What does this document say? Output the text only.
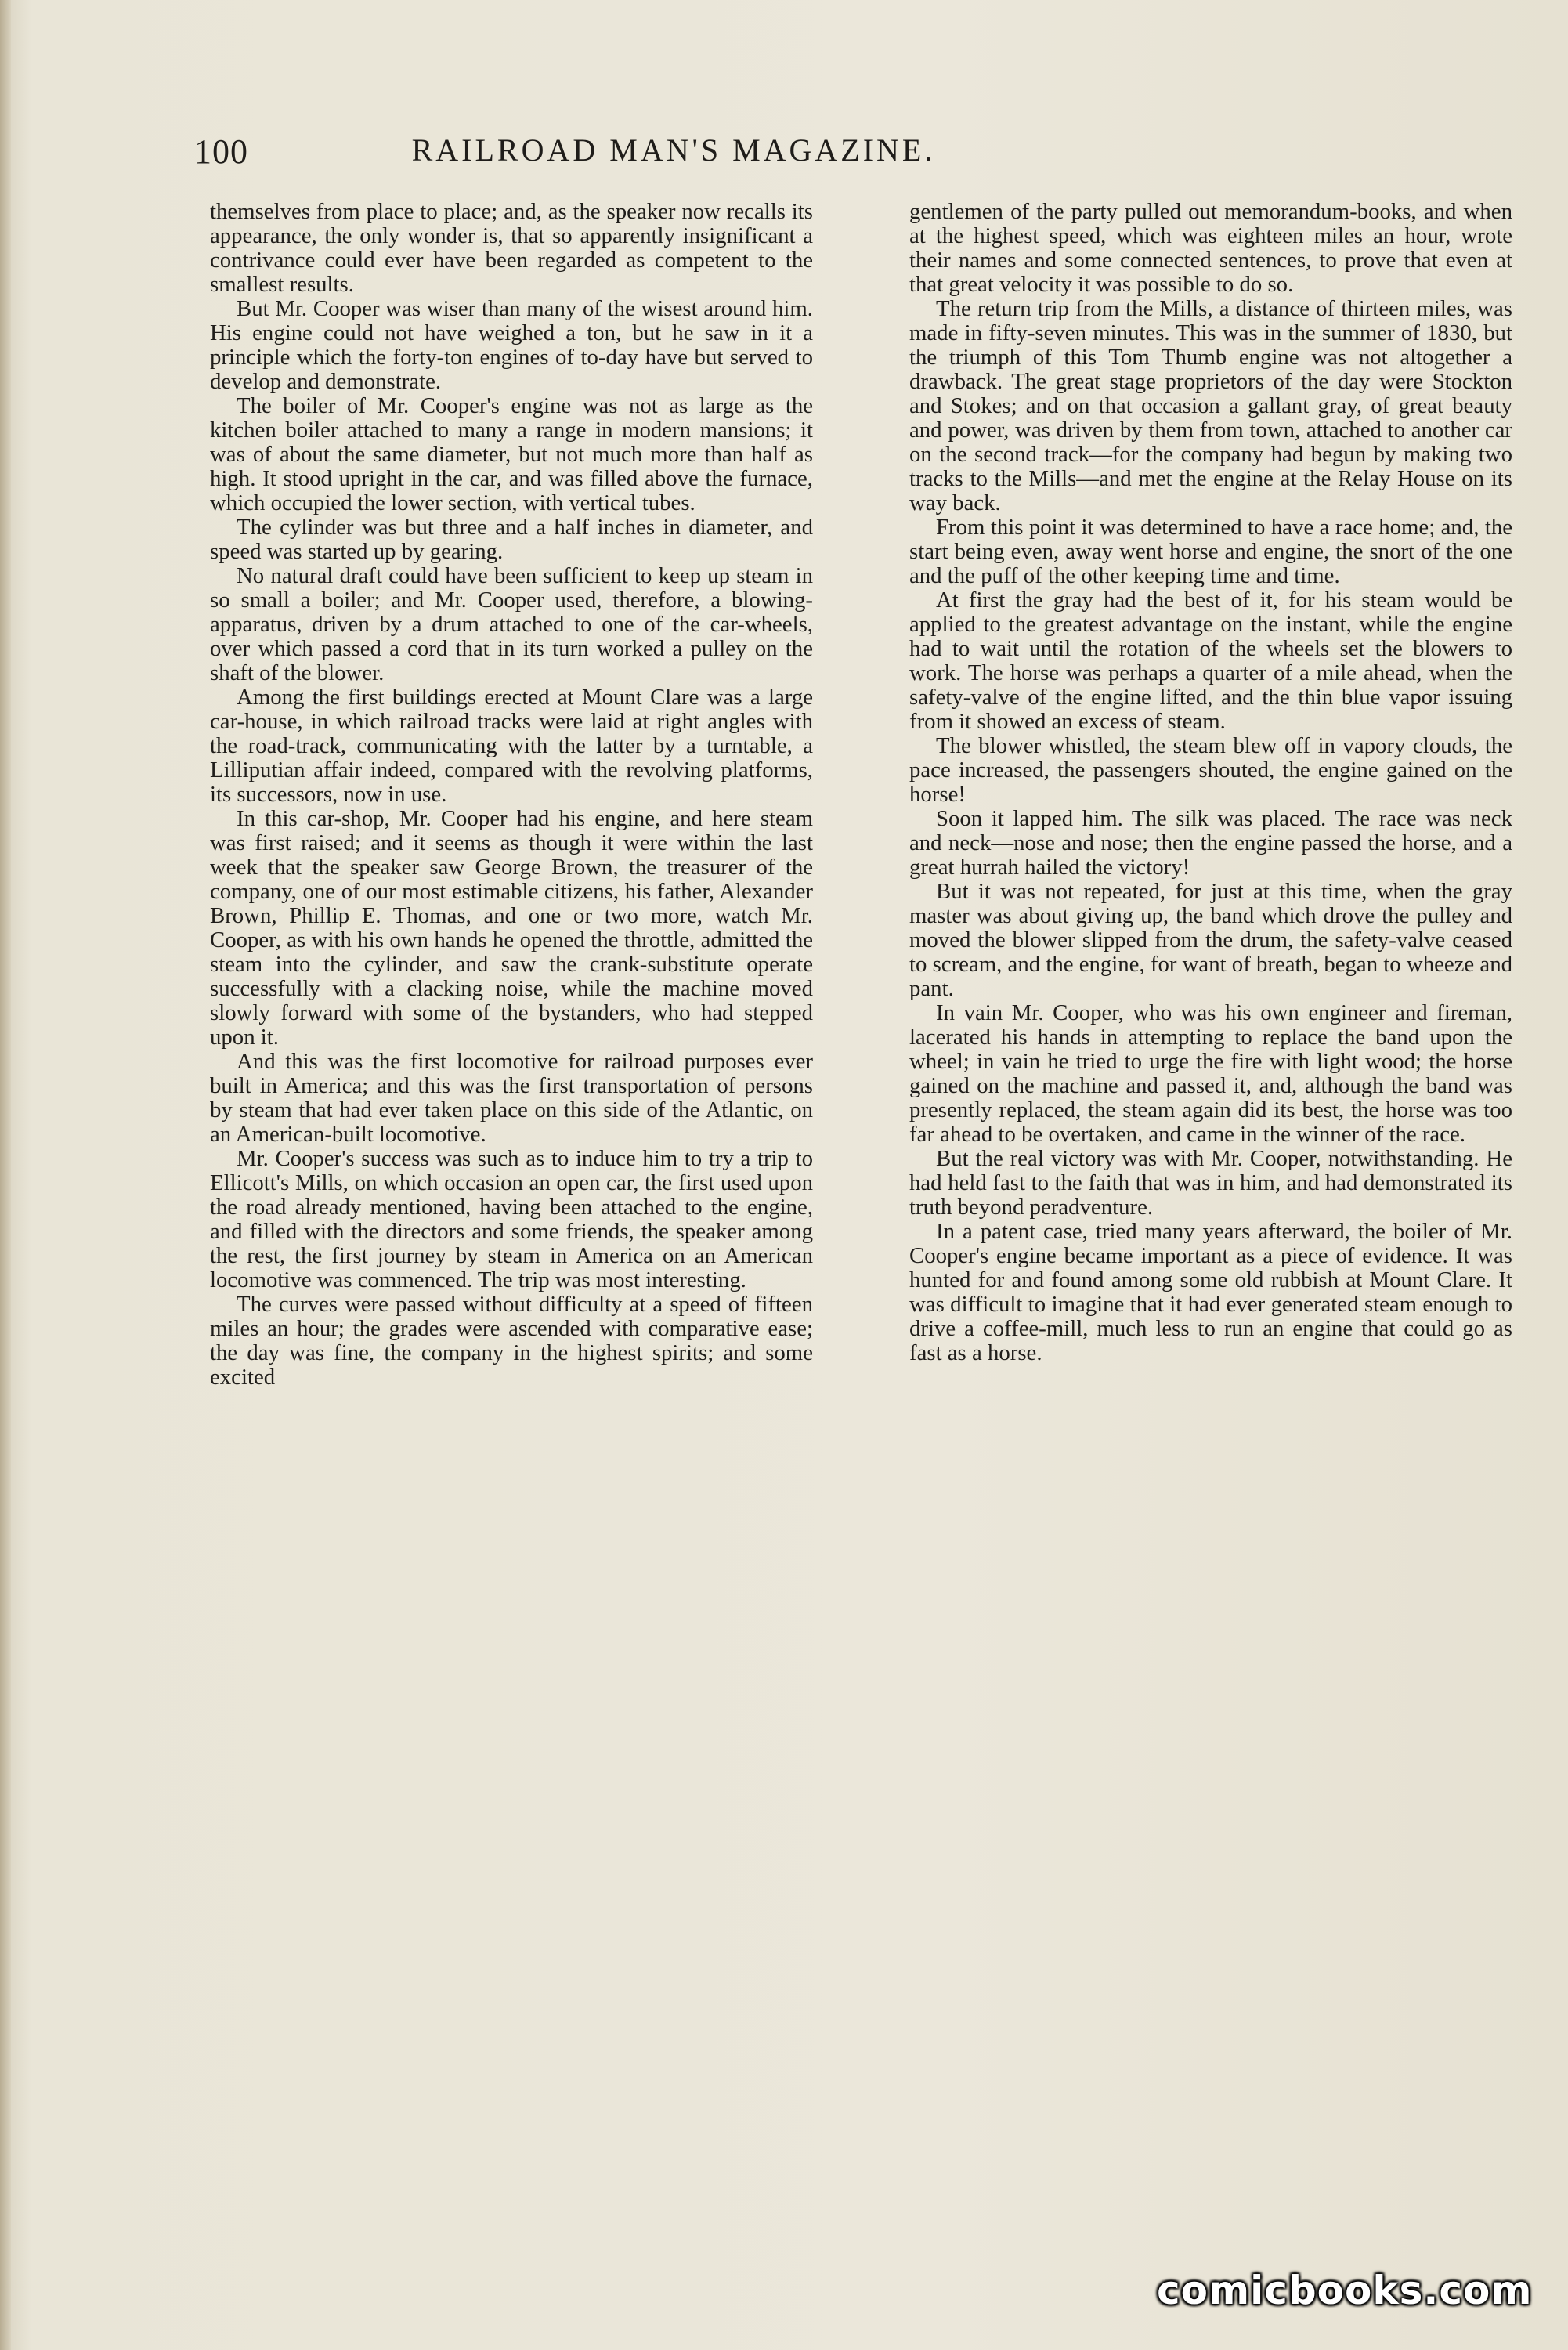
100	RAILROAD MAN'S MAGAZINE.

themselves from place to place; and, as the speaker now recalls its appearance, the only wonder is, that so apparently insignificant a contrivance could ever have been regarded as competent to the smallest results.

But Mr. Cooper was wiser than many of the wisest around him. His engine could not have weighed a ton, but he saw in it a principle which the forty-ton engines of to-day have but served to develop and demonstrate.

The boiler of Mr. Cooper's engine was not as large as the kitchen boiler attached to many a range in modern mansions; it was of about the same diameter, but not much more than half as high. It stood upright in the car, and was filled above the furnace, which occupied the lower section, with vertical tubes.

The cylinder was but three and a half inches in diameter, and speed was started up by gearing.

No natural draft could have been sufficient to keep up steam in so small a boiler; and Mr. Cooper used, therefore, a blowing-apparatus, driven by a drum attached to one of the car-wheels, over which passed a cord that in its turn worked a pulley on the shaft of the blower.

Among the first buildings erected at Mount Clare was a large car-house, in which railroad tracks were laid at right angles with the road-track, communicating with the latter by a turntable, a Lilliputian affair indeed, compared with the revolving platforms, its successors, now in use.

In this car-shop, Mr. Cooper had his engine, and here steam was first raised; and it seems as though it were within the last week that the speaker saw George Brown, the treasurer of the company, one of our most estimable citizens, his father, Alexander Brown, Phillip E. Thomas, and one or two more, watch Mr. Cooper, as with his own hands he opened the throttle, admitted the steam into the cylinder, and saw the crank-substitute operate successfully with a clacking noise, while the machine moved slowly forward with some of the bystanders, who had stepped upon it.

And this was the first locomotive for railroad purposes ever built in America; and this was the first transportation of persons by steam that had ever taken place on this side of the Atlantic, on an American-built locomotive.

Mr. Cooper's success was such as to induce him to try a trip to Ellicott's Mills, on which occasion an open car, the first used upon the road already mentioned, having been attached to the engine, and filled with the directors and some friends, the speaker among the rest, the first journey by steam in America on an American locomotive was commenced. The trip was most interesting.

The curves were passed without difficulty at a speed of fifteen miles an hour; the grades were ascended with comparative ease; the day was fine, the company in the highest spirits; and some excited

gentlemen of the party pulled out memorandum-books, and when at the highest speed, which was eighteen miles an hour, wrote their names and some connected sentences, to prove that even at that great velocity it was possible to do so.

The return trip from the Mills, a distance of thirteen miles, was made in fifty-seven minutes. This was in the summer of 1830, but the triumph of this Tom Thumb engine was not altogether a drawback. The great stage proprietors of the day were Stockton and Stokes; and on that occasion a gallant gray, of great beauty and power, was driven by them from town, attached to another car on the second track—for the company had begun by making two tracks to the Mills—and met the engine at the Relay House on its way back.

From this point it was determined to have a race home; and, the start being even, away went horse and engine, the snort of the one and the puff of the other keeping time and time.

At first the gray had the best of it, for his steam would be applied to the greatest advantage on the instant, while the engine had to wait until the rotation of the wheels set the blowers to work. The horse was perhaps a quarter of a mile ahead, when the safety-valve of the engine lifted, and the thin blue vapor issuing from it showed an excess of steam.

The blower whistled, the steam blew off in vapory clouds, the pace increased, the passengers shouted, the engine gained on the horse!

Soon it lapped him. The silk was placed. The race was neck and neck—nose and nose; then the engine passed the horse, and a great hurrah hailed the victory!

But it was not repeated, for just at this time, when the gray master was about giving up, the band which drove the pulley and moved the blower slipped from the drum, the safety-valve ceased to scream, and the engine, for want of breath, began to wheeze and pant.

In vain Mr. Cooper, who was his own engineer and fireman, lacerated his hands in attempting to replace the band upon the wheel; in vain he tried to urge the fire with light wood; the horse gained on the machine and passed it, and, although the band was presently replaced, the steam again did its best, the horse was too far ahead to be overtaken, and came in the winner of the race.

But the real victory was with Mr. Cooper, notwithstanding. He had held fast to the faith that was in him, and had demonstrated its truth beyond peradventure.

In a patent case, tried many years afterward, the boiler of Mr. Cooper's engine became important as a piece of evidence. It was hunted for and found among some old rubbish at Mount Clare. It was difficult to imagine that it had ever generated steam enough to drive a coffee-mill, much less to run an engine that could go as fast as a horse.

comicbooks.com
